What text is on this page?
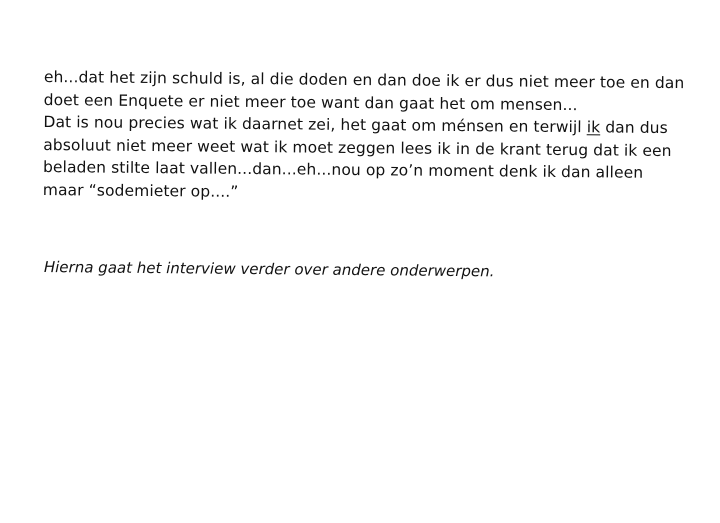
eh...dat het zijn schuld is, al die doden en dan doe ik er dus niet meer toe en dan
doet een Enquete er niet meer toe want dan gaat het om mensen...
Dat is nou precies wat ik daarnet zei, het gaat om ménsen en terwijl ik dan dus
absoluut niet meer weet wat ik moet zeggen lees ik in de krant terug dat ik een
beladen stilte laat vallen...dan...eh...nou op zo’n moment denk ik dan alleen
maar “sodemieter op....”
Hierna gaat het interview verder over andere onderwerpen.
